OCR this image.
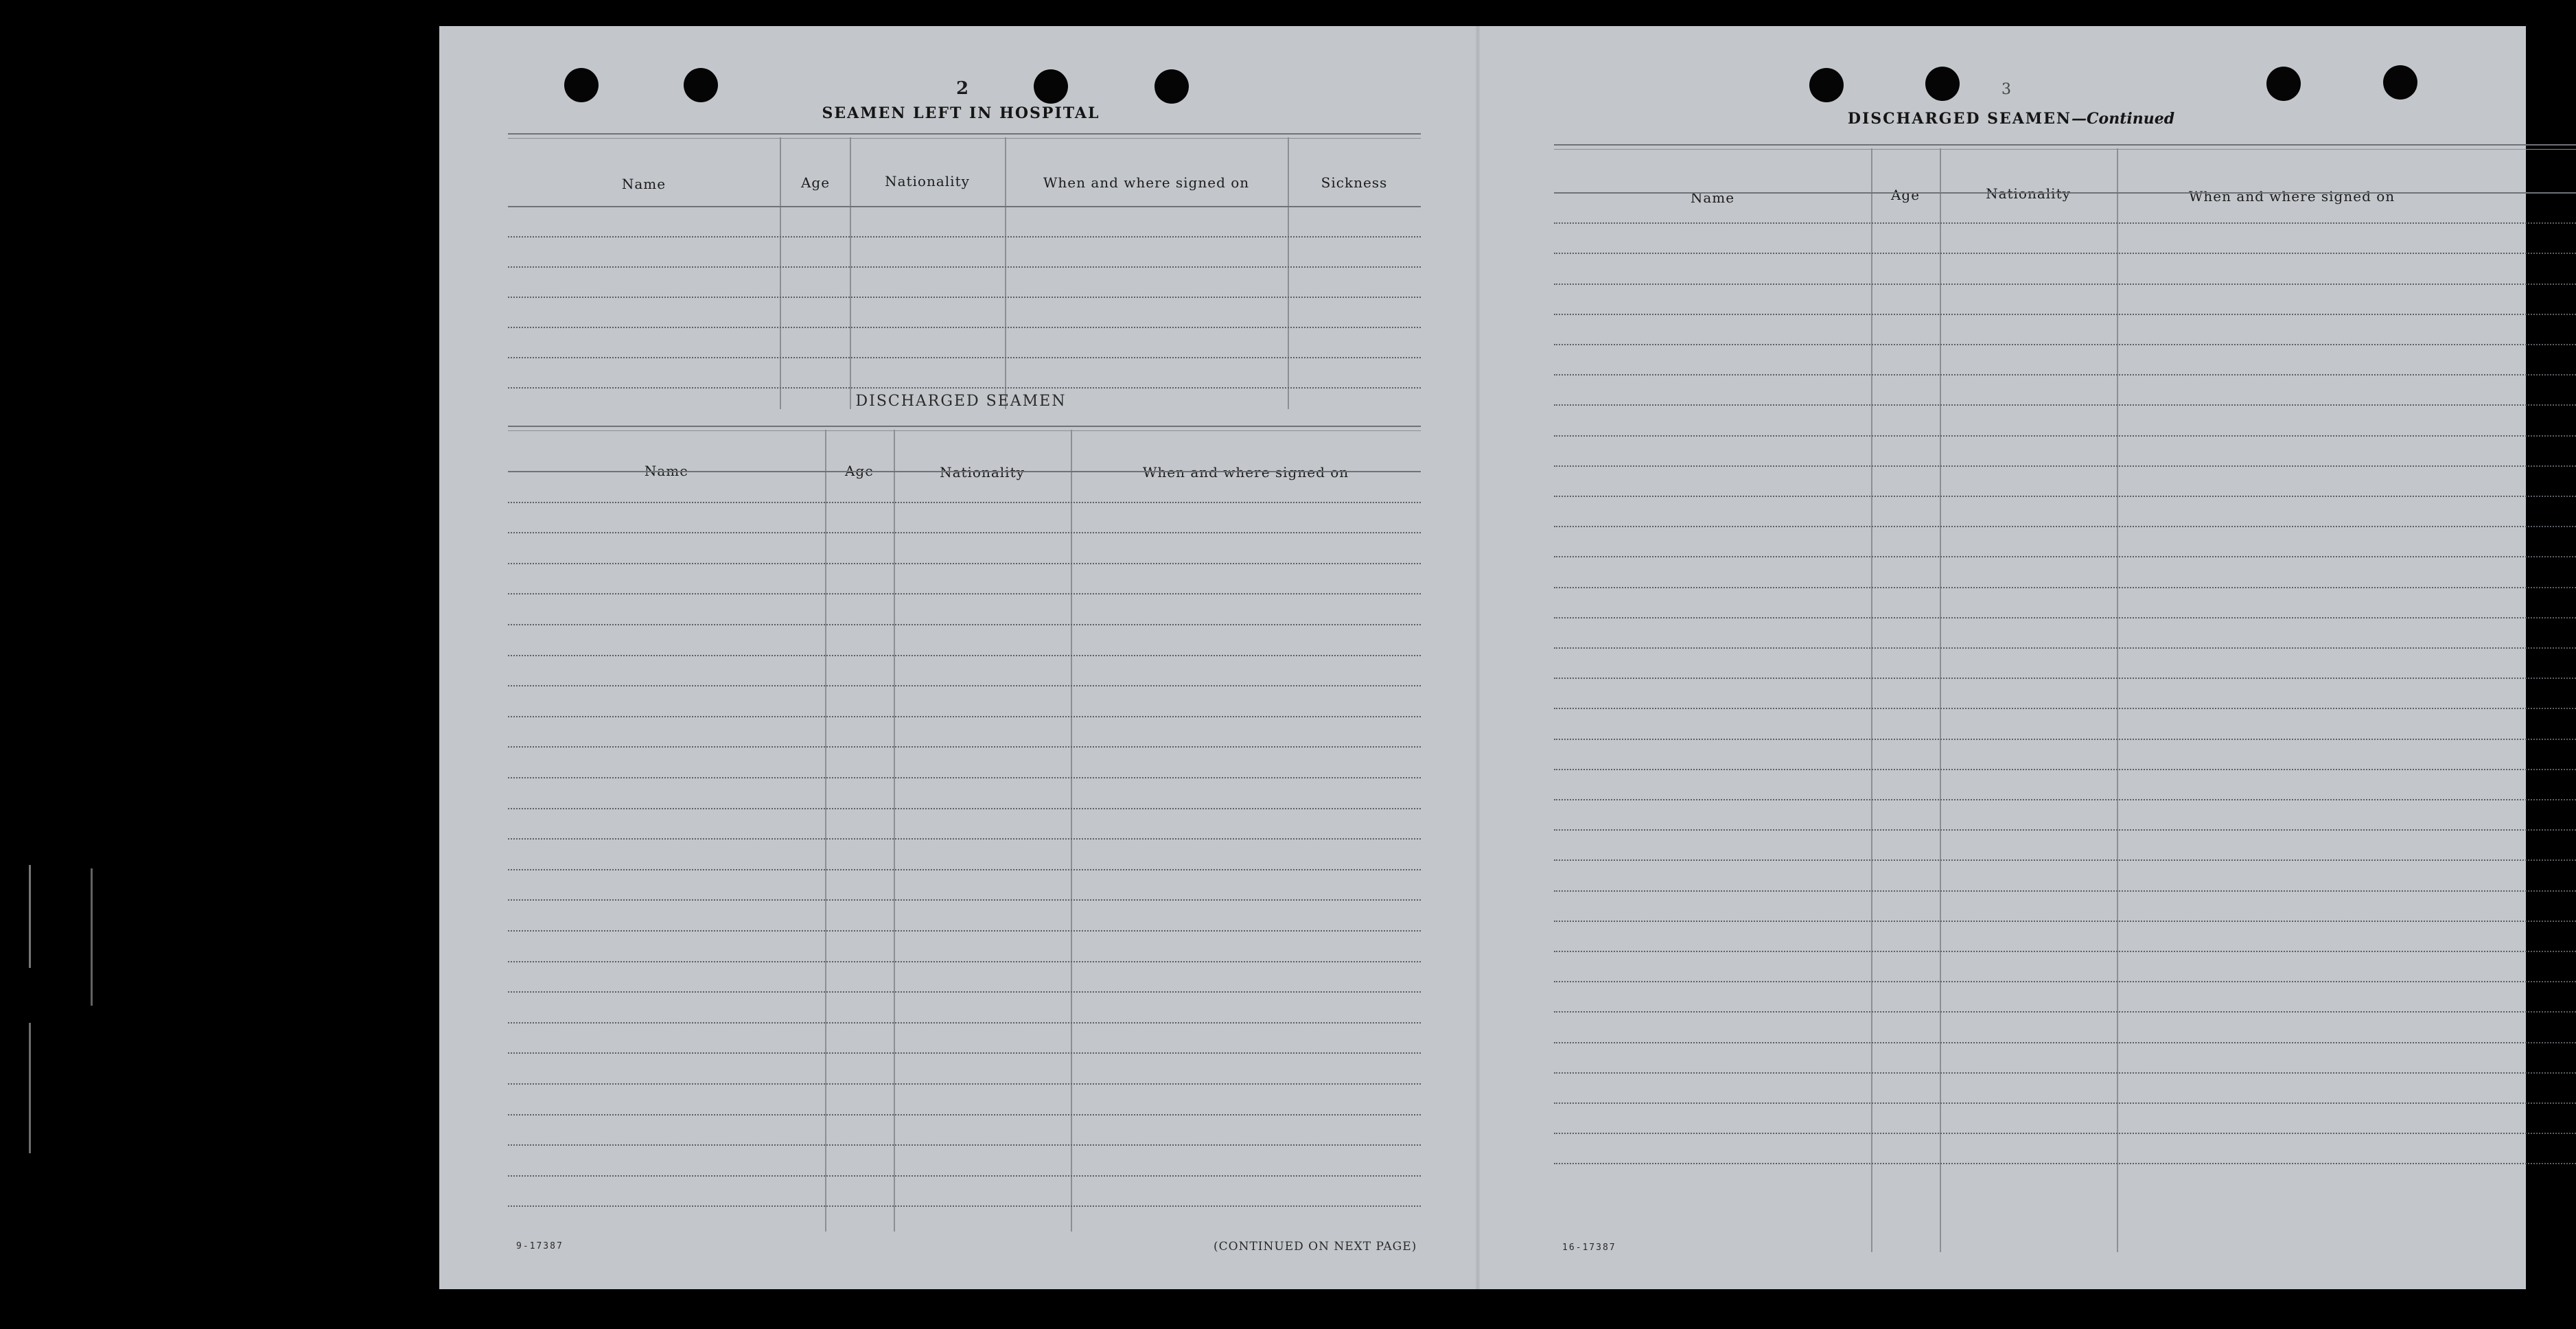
2
SEAMEN LEFT IN HOSPITAL
Name	Age	Nationality	When and where signed on	Sickness
DISCHARGED SEAMEN
Name	Age	Nationality	When and where signed on
9-17387	(CONTINUED ON NEXT PAGE)
3
DISCHARGED SEAMEN—Continued
Name	Age	Nationality	When and where signed on
16-17387
